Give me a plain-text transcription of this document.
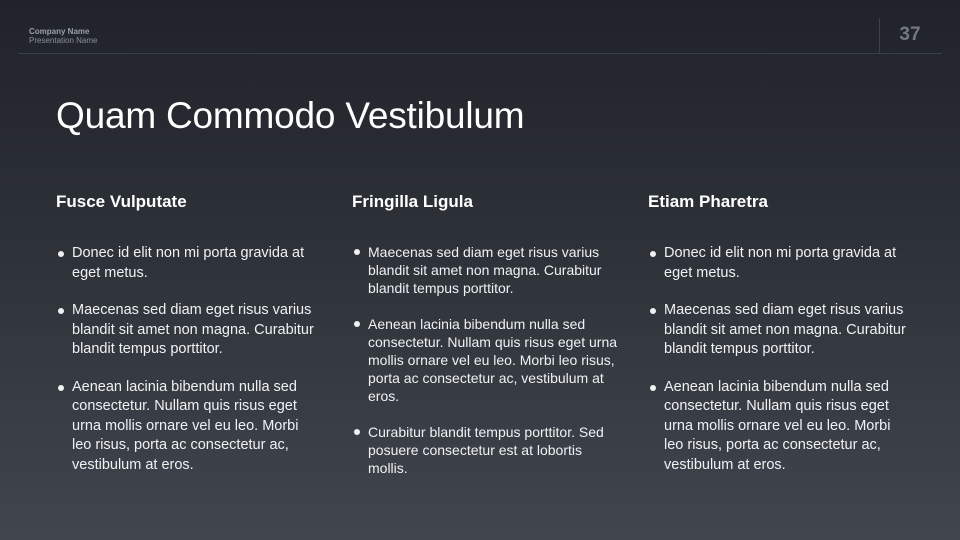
Company Name
Presentation Name	37
Quam Commodo Vestibulum
Fusce Vulputate
Donec id elit non mi porta gravida at eget metus.
Maecenas sed diam eget risus varius blandit sit amet non magna. Curabitur blandit tempus porttitor.
Aenean lacinia bibendum nulla sed consectetur. Nullam quis risus eget urna mollis ornare vel eu leo. Morbi leo risus, porta ac consectetur ac, vestibulum at eros.
Fringilla Ligula
Maecenas sed diam eget risus varius blandit sit amet non magna. Curabitur blandit tempus porttitor.
Aenean lacinia bibendum nulla sed consectetur. Nullam quis risus eget urna mollis ornare vel eu leo. Morbi leo risus, porta ac consectetur ac, vestibulum at eros.
Curabitur blandit tempus porttitor. Sed posuere consectetur est at lobortis mollis.
Etiam Pharetra
Donec id elit non mi porta gravida at eget metus.
Maecenas sed diam eget risus varius blandit sit amet non magna. Curabitur blandit tempus porttitor.
Aenean lacinia bibendum nulla sed consectetur. Nullam quis risus eget urna mollis ornare vel eu leo. Morbi leo risus, porta ac consectetur ac, vestibulum at eros.
